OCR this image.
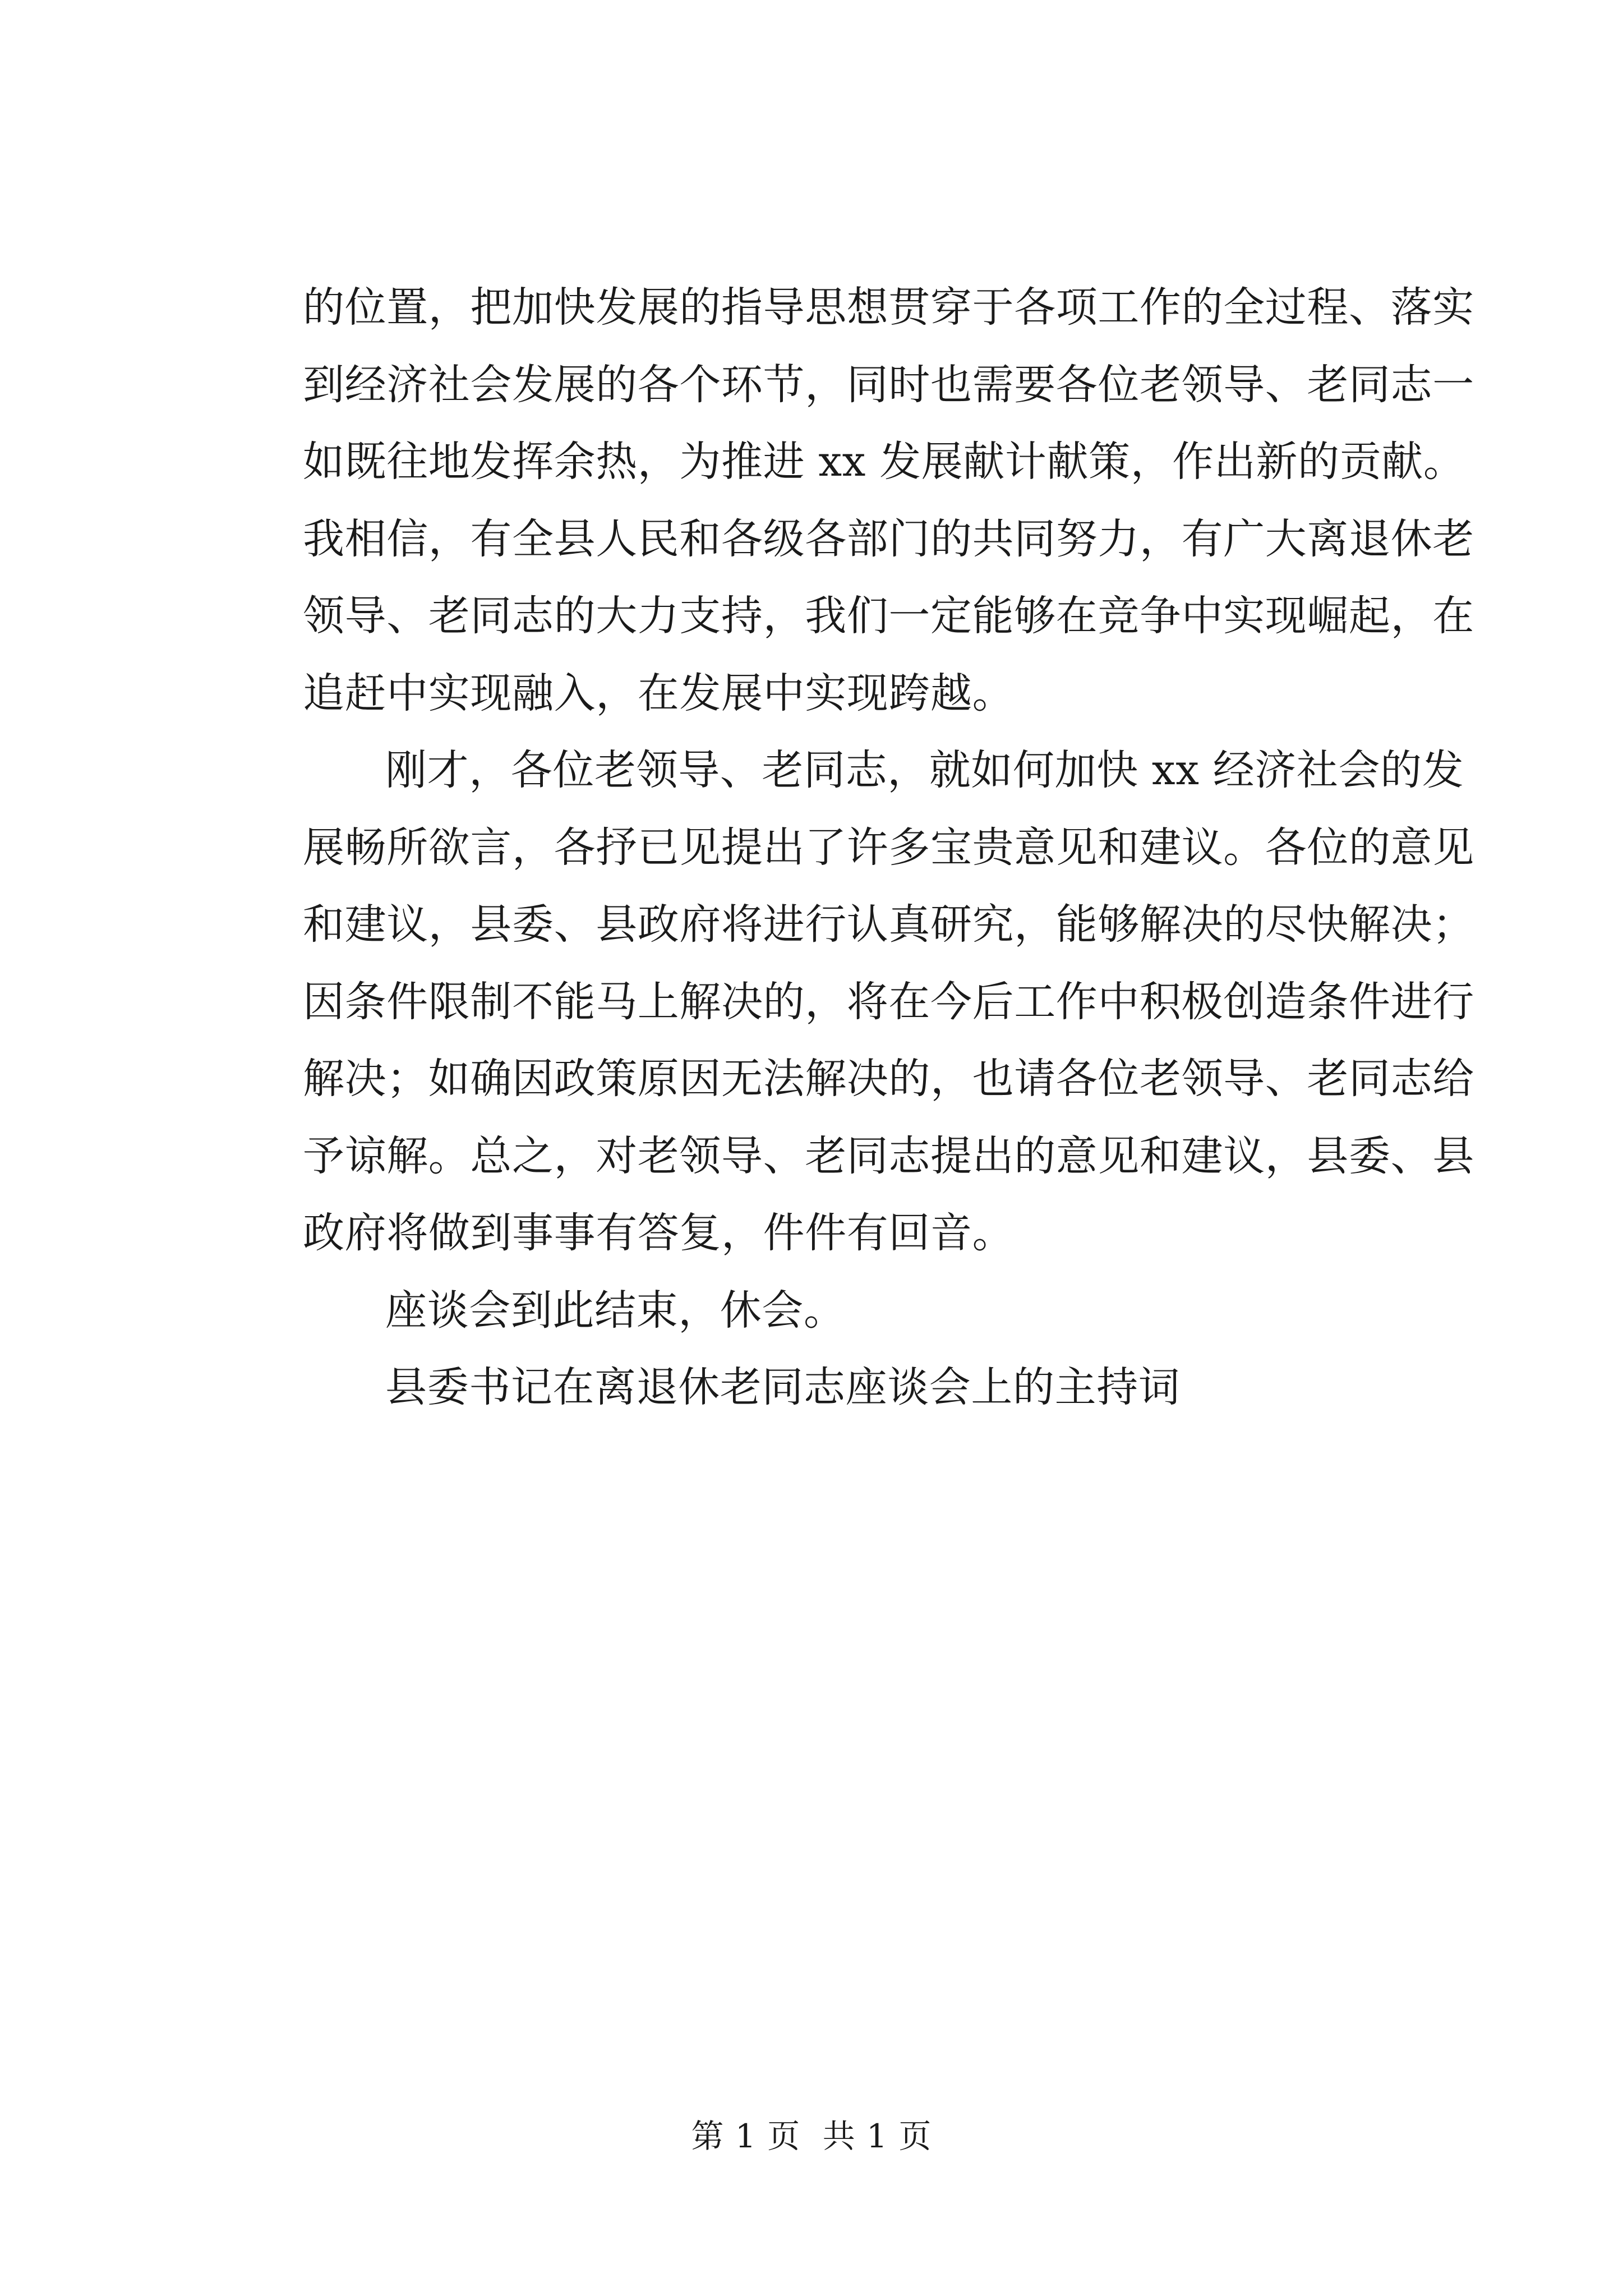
的位置，把加快发展的指导思想贯穿于各项工作的全过程、落实
到经济社会发展的各个环节，同时也需要各位老领导、老同志一
如既往地发挥余热，为推进 xx 发展献计献策，作出新的贡献。
我相信，有全县人民和各级各部门的共同努力，有广大离退休老
领导、老同志的大力支持，我们一定能够在竞争中实现崛起，在
追赶中实现融入，在发展中实现跨越。
刚才，各位老领导、老同志，就如何加快 xx 经济社会的发
展畅所欲言，各抒已见提出了许多宝贵意见和建议。各位的意见
和建议，县委、县政府将进行认真研究，能够解决的尽快解决；
因条件限制不能马上解决的，将在今后工作中积极创造条件进行
解决；如确因政策原因无法解决的，也请各位老领导、老同志给
予谅解。总之，对老领导、老同志提出的意见和建议，县委、县
政府将做到事事有答复，件件有回音。
座谈会到此结束，休会。
县委书记在离退休老同志座谈会上的主持词
第 1 页 共 1 页
